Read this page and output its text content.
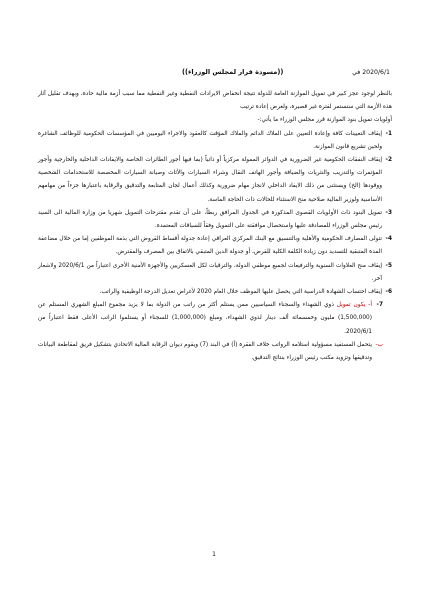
2020/6/1 في
((مسودة قرار لمجلس الوزراء))

بالنظر لوجود عجز كبير في تمويل الموازنة العامة للدولة نتيجة انخفاض الايرادات النفطية وغير النفطية مما سبب أزمة مالية حادة، وبهدف تقليل آثار هذه الأزمة التي ستستمر لفترة غير قصيرة، ولغرض إعادة ترتيب

أولويات تمويل بنود الموازنة قرر مجلس الوزراء ما يأتي:-

1-
إيقاف التعيينات كافة وإعادة التعيين على الملاك الدائم والملاك المؤقت كالعقود والاجراء اليوميين في المؤسسات الحكومية للوظائف الشاغرة ولحين تشريع قانون الموازنة.
2-
إيقاف النفقات الحكومية غير الضرورية في الدوائر الممولة مركزياً أو ذاتياً (بما فيها أجور الطائرات الخاصة والايفادات الداخلية والخارجية وأجور المؤتمرات والتدريب والنثريات والضيافة وأجور الهاتف النقال وشراء السيارات والأثاث وصيانة السيارات المخصصة للاستخدامات الشخصية ووقودها (الخ) ويستثنى من ذلك الايفاد الداخلي لانجاز مهام ضرورية وكذلك أعمال لجان المتابعة والتدقيق والرقابة باعتبارها جزءاً من مهامهم الأساسية ولوزير المالية صلاحية منح الاستثناء للحالات ذات الحاجة الماسة.
3-
تمويل البنود ذات الأولويات القصوى المذكورة في الجدول المرافق ربطاً، على أن تقدم مقترحات التمويل شهريا من وزارة المالية الى السيد رئيس مجلس الوزراء للمصادقة عليها واستحصال موافقته على التمويل وفقاً للسياقات المعتمدة.
4-
تتولى المصارف الحكومية والأهلية وبالتنسيق مع البنك المركزي العراقي إعادة جدولة أقساط القروض التي بذمة الموظفين إما من خلال مضاعفة المدة المتبقية للتسديد دون زيادة الكلفة الكلية للقرض، أو جدولة الدين المتبقي بالاتفاق بين المصرف والمقترض.
5-
إيقاف منح العلاوات السنوية والترفيعات لجميع موظفي الدولة، والترقيات لكل العسكريين والأجهزة الأمنية الأخرى اعتباراً من 2020/6/1 ولاشعار آخر.
6-
إيقاف احتساب الشهادة الدراسية التي يحصل عليها الموظف خلال العام 2020 لأغراض تعديل الدرجة الوظيفية والراتب.
7-
أ- يكون تمويل ذوي الشهداء والسجناء السياسيين ممن يستلم أكثر من راتب من الدولة بما لا يزيد مجموع المبلغ الشهري المستلم عن (1,500,000) مليون وخمسمائة ألف دينار لذوي الشهداء، ومبلغ (1,000,000) للسجناء أو يستلموا الراتب الأعلى فقط اعتباراً من 2020/6/1.
ب-
يتحمل المستفيد مسؤولية استلامه الرواتب خلاف الفقرة (أ) في البند (7) ويقوم ديوان الرقابة المالية الاتحادي بتشكيل فريق لمقاطعة البيانات وتدقيقها وتزويد مكتب رئيس الوزراء بنتائج التدقيق.
1
